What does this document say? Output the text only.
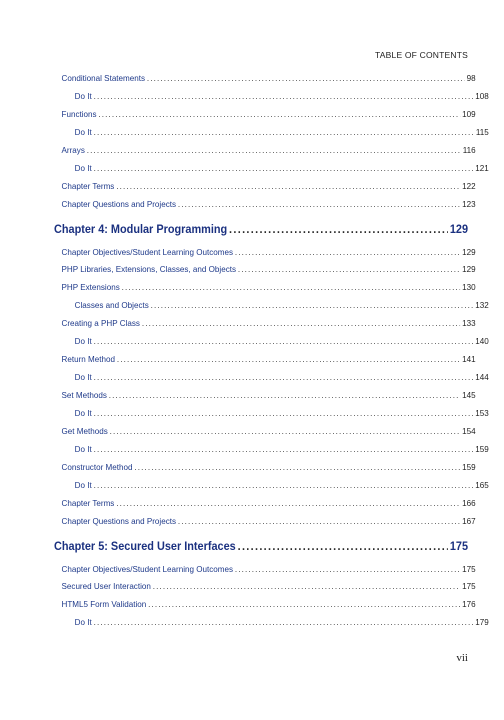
TABLE OF CONTENTS
Conditional Statements .....	98
Do It .....	108
Functions .....	109
Do It .....	115
Arrays .....	116
Do It .....	121
Chapter Terms .....	122
Chapter Questions and Projects .....	123
Chapter 4: Modular Programming .....	129
Chapter Objectives/Student Learning Outcomes .....	129
PHP Libraries, Extensions, Classes, and Objects .....	129
PHP Extensions .....	130
Classes and Objects .....	132
Creating a PHP Class .....	133
Do It .....	140
Return Method .....	141
Do It .....	144
Set Methods .....	145
Do It .....	153
Get Methods .....	154
Do It .....	159
Constructor Method .....	159
Do It .....	165
Chapter Terms .....	166
Chapter Questions and Projects .....	167
Chapter 5: Secured User Interfaces .....	175
Chapter Objectives/Student Learning Outcomes .....	175
Secured User Interaction .....	175
HTML5 Form Validation .....	176
Do It .....	179
vii
